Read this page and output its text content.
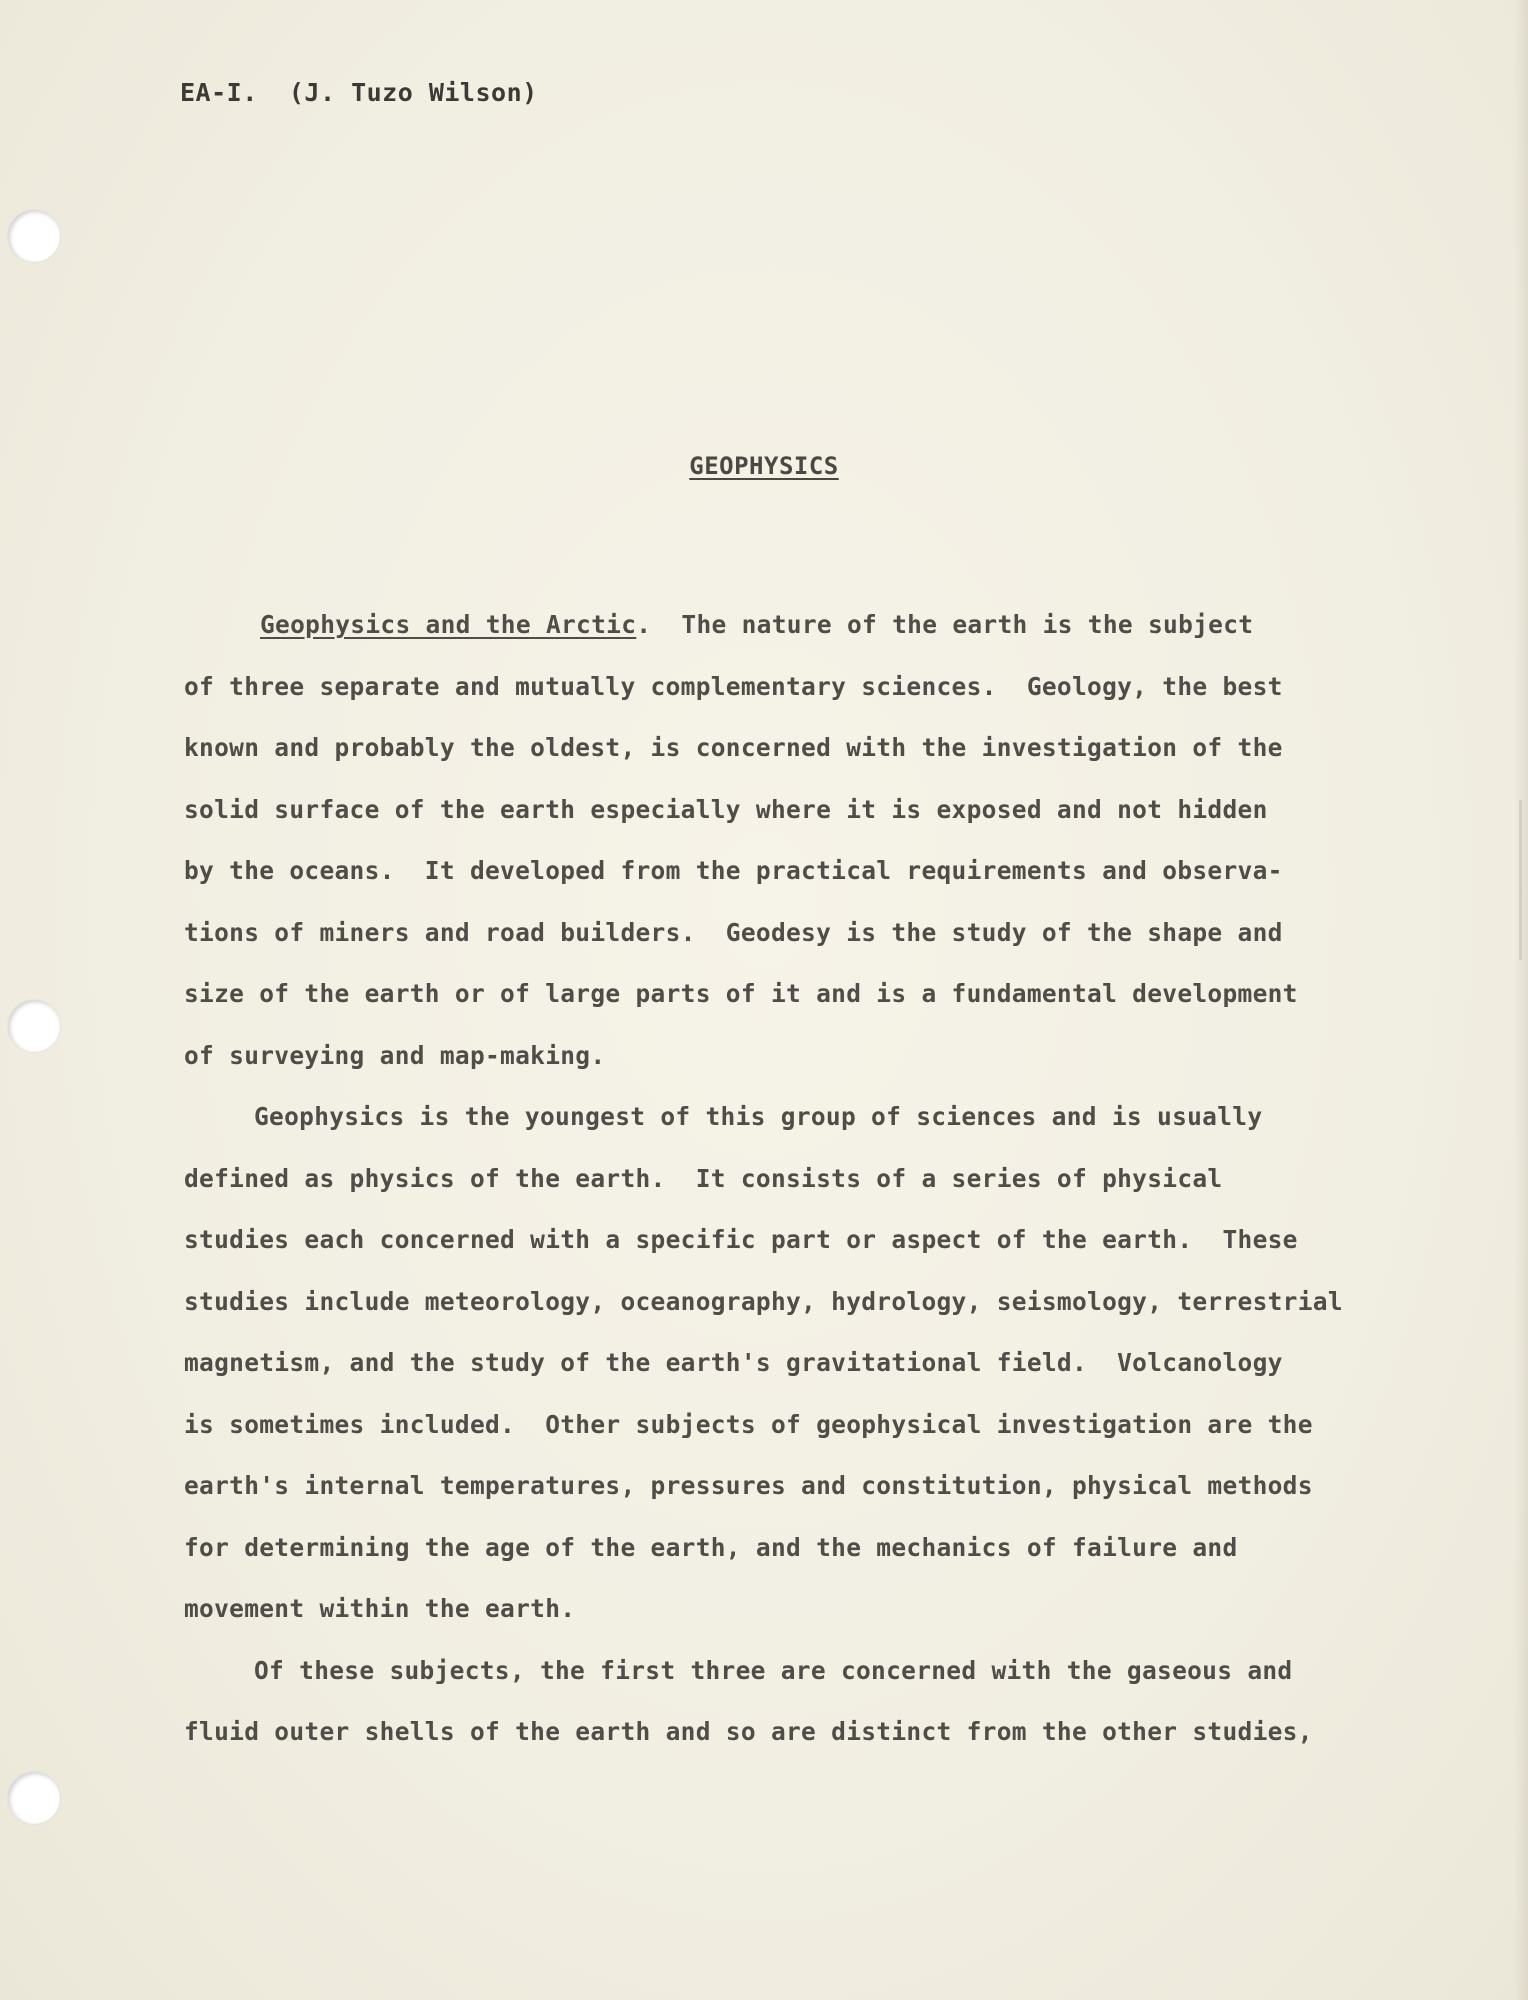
EA-I.  (J. Tuzo Wilson)
GEOPHYSICS

Geophysics and the Arctic.  The nature of the earth is the subject

of three separate and mutually complementary sciences.  Geology, the best

known and probably the oldest, is concerned with the investigation of the

solid surface of the earth especially where it is exposed and not hidden

by the oceans.  It developed from the practical requirements and observa-

tions of miners and road builders.  Geodesy is the study of the shape and

size of the earth or of large parts of it and is a fundamental development

of surveying and map-making.

Geophysics is the youngest of this group of sciences and is usually

defined as physics of the earth.  It consists of a series of physical

studies each concerned with a specific part or aspect of the earth.  These

studies include meteorology, oceanography, hydrology, seismology, terrestrial

magnetism, and the study of the earth's gravitational field.  Volcanology

is sometimes included.  Other subjects of geophysical investigation are the

earth's internal temperatures, pressures and constitution, physical methods

for determining the age of the earth, and the mechanics of failure and

movement within the earth.

Of these subjects, the first three are concerned with the gaseous and

fluid outer shells of the earth and so are distinct from the other studies,
